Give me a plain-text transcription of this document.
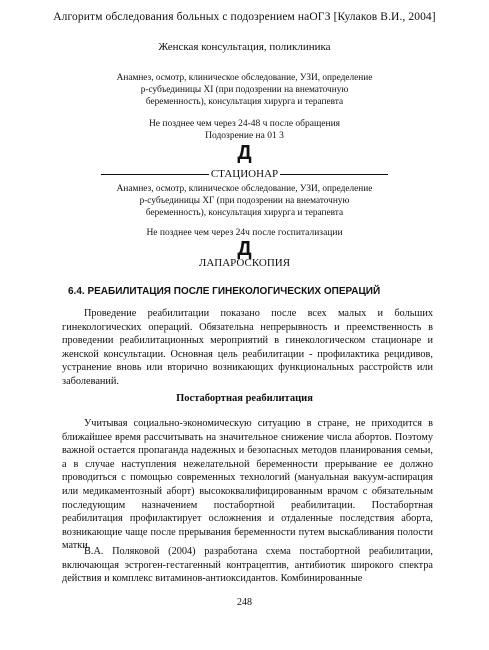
Алгоритм обследования больных с подозрением наОГЗ [Кулаков В.И., 2004]
Женская консультация, поликлиника
Анамнез, осмотр, клиническое обследование, УЗИ, определение
р-субъединицы XI (при подозрении на внематочную
беременность), консультация хирурга и терапевта
Не позднее чем через 24-48 ч после обращения
Подозрение на 01 3
Д
СТАЦИОНАР
Анамнез, осмотр, клиническое обследование, УЗИ, определение
р-субъединицы ХГ (при подозрении на внематочную
беременность), консультация хирурга и терапевта
Не позднее чем через 24ч после госпитализации
Д
ЛАПАРОСКОПИЯ
6.4. РЕАБИЛИТАЦИЯ ПОСЛЕ ГИНЕКОЛОГИЧЕСКИХ ОПЕРАЦИЙ

Проведение реабилитации показано после всех малых и больших гинекологических операций. Обязательна непрерывность и преемственность в проведении реабилитационных мероприятий в гинекологическом стационаре и женской консультации. Основная цель реабилитации - профилактика рецидивов, устранение вновь или вторично возникающих функциональных расстройств или заболеваний.

Постабортная реабилитация

Учитывая социально-экономическую ситуацию в стране, не приходится в ближайшее время рассчитывать на значительное снижение числа абортов. Поэтому важной остается пропаганда надежных и безопасных методов планирования семьи, а в случае наступления нежелательной беременности прерывание ее должно проводиться с помощью современных технологий (мануальная вакуум-аспирация или медикаментозный аборт) высококвалифицированным врачом с обязательным последующим назначением постабортной реабилитации. Постабортная реабилитация профилактирует осложнения и отдаленные последствия аборта, возникающие чаще после прерывания беременности путем выскабливания полости матки.

В.А. Поляковой (2004) разработана схема постабортной реабилитации, включающая эстроген-гестагенный контрацептив, антибиотик широкого спектра действия и комплекс витаминов-антиоксидантов. Комбинированные

248
